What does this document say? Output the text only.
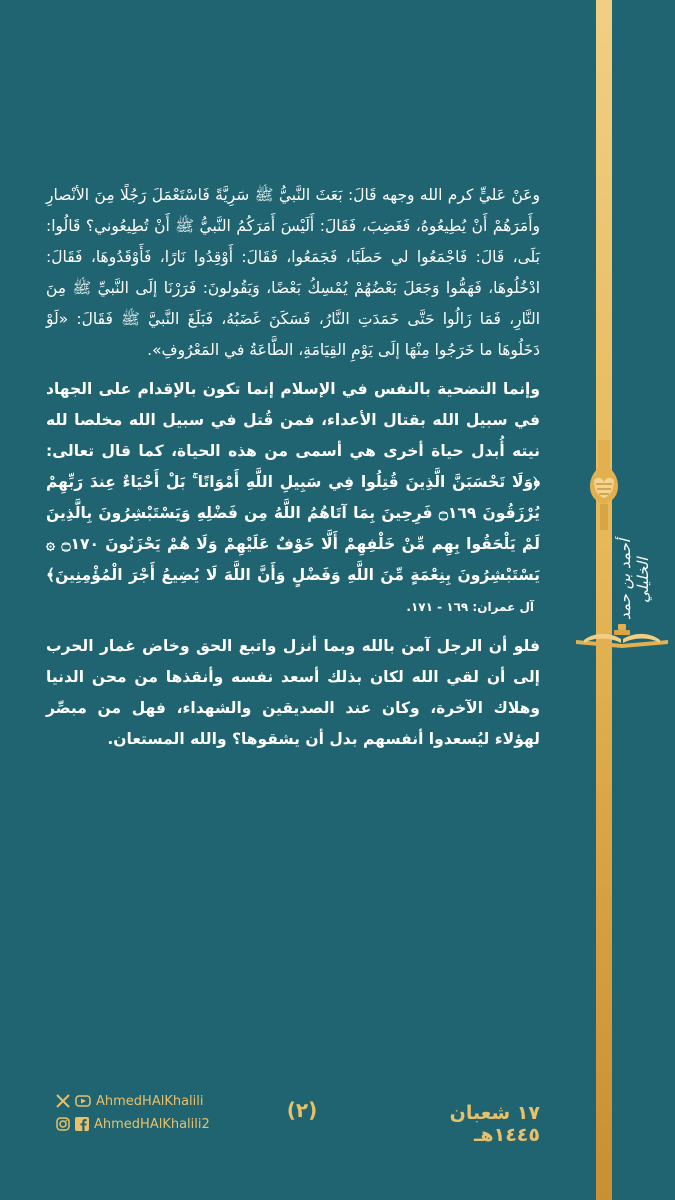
أحمد بن حمد الخليلي

وعَنْ عَليٍّ كرم الله وجهه قَالَ: بَعَثَ النَّبيُّ ﷺ سَرِيَّةً فَاسْتَعْمَلَ رَجُلًا مِنَ الأنْصارِ وأَمَرَهُمْ أَنْ يُطِيعُوهُ، فَغَضِبَ، فَقَالَ: أَلَيْسَ أَمَرَكُمُ النَّبيُّ ﷺ أَنْ تُطِيعُوني؟ قَالُوا: بَلَى، قَالَ: فَاجْمَعُوا لي حَطَبًا، فَجَمَعُوا، فَقَالَ: أَوْقِدُوا نَارًا، فَأَوْقَدُوهَا، فَقَالَ: ادْخُلُوهَا، فَهَمُّوا وَجَعَلَ بَعْضُهُمْ يُمْسِكُ بَعْضًا، وَيَقُولونَ: فَرَرْنَا إلَى النَّبيِّ ﷺ مِنَ النَّارِ، فَمَا زَالُوا حَتَّى خَمَدَتِ النَّارُ، فَسَكَنَ غَضَبُهُ، فَبَلَغَ النَّبيَّ ﷺ فَقَالَ: «لَوْ دَخَلُوهَا ما خَرَجُوا مِنْهَا إلَى يَوْمِ القِيَامَةِ، الطَّاعَةُ في المَعْرُوفِ».

وإنما التضحية بالنفس في الإسلام إنما تكون بالإقدام على الجهاد في سبيل الله بقتال الأعداء، فمن قُتل في سبيل الله مخلصا لله نيته أُبدل حياة أخرى هي أسمى من هذه الحياة، كما قال تعالى: ﴿وَلَا تَحْسَبَنَّ الَّذِينَ قُتِلُوا فِي سَبِيلِ اللَّهِ أَمْوَاتًا ۚ بَلْ أَحْيَاءٌ عِندَ رَبِّهِمْ يُرْزَقُونَ ۝١٦٩ فَرِحِينَ بِمَا آتَاهُمُ اللَّهُ مِن فَضْلِهِ وَيَسْتَبْشِرُونَ بِالَّذِينَ لَمْ يَلْحَقُوا بِهِم مِّنْ خَلْفِهِمْ أَلَّا خَوْفٌ عَلَيْهِمْ وَلَا هُمْ يَحْزَنُونَ ۝١٧٠ ۞ يَسْتَبْشِرُونَ بِنِعْمَةٍ مِّنَ اللَّهِ وَفَضْلٍ وَأَنَّ اللَّهَ لَا يُضِيعُ أَجْرَ الْمُؤْمِنِينَ﴾ آل عمران: ١٦٩ - ١٧١.

فلو أن الرجل آمن بالله وبما أنزل واتبع الحق وخاض غمار الحرب إلى أن لقي الله لكان بذلك أسعد نفسه وأنقذها من محن الدنيا وهلاك الآخرة، وكان عند الصديقين والشهداء، فهل من مبصِّر لهؤلاء ليُسعدوا أنفسهم بدل أن يشقوها؟ والله المستعان.

AhmedHAlKhalili
AhmedHAlKhalili2
(٢)	١٧ شعبان ١٤٤٥هـ
